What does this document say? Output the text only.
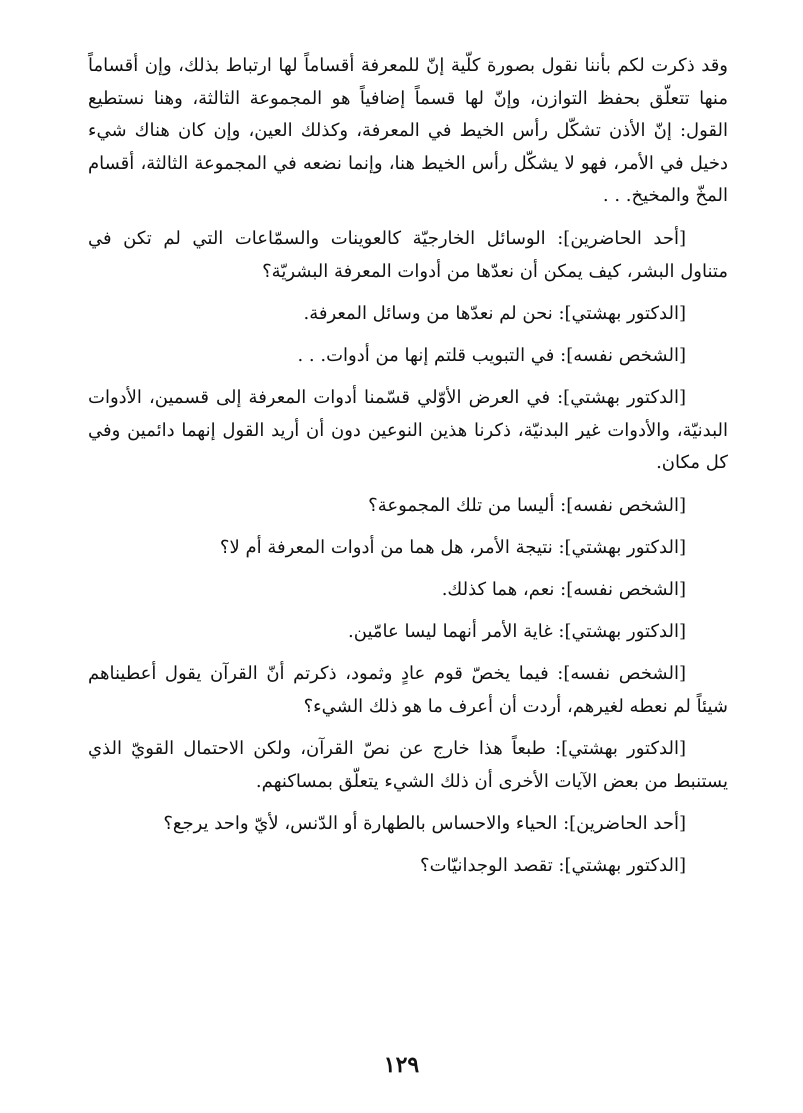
وقد ذكرت لكم بأننا نقول بصورة كلّية إنّ للمعرفة أقساماً لها ارتباط بذلك، وإن أقساماً منها تتعلّق بحفظ التوازن، وإنّ لها قسماً إضافياً هو المجموعة الثالثة، وهنا نستطيع القول: إنّ الأذن تشكّل رأس الخيط في المعرفة، وكذلك العين، وإن كان هناك شيء دخيل في الأمر، فهو لا يشكّل رأس الخيط هنا، وإنما نضعه في المجموعة الثالثة، أقسام المخّ والمخيخ. . .

[أحد الحاضرين]: الوسائل الخارجيّة كالعوينات والسمّاعات التي لم تكن في متناول البشر، كيف يمكن أن نعدّها من أدوات المعرفة البشريّة؟

[الدكتور بهشتي]: نحن لم نعدّها من وسائل المعرفة.

[الشخص نفسه]: في التبويب قلتم إنها من أدوات. . .

[الدكتور بهشتي]: في العرض الأوّلي قسّمنا أدوات المعرفة إلى قسمين، الأدوات البدنيّة، والأدوات غير البدنيّة، ذكرنا هذين النوعين دون أن أريد القول إنهما دائمين وفي كل مكان.

[الشخص نفسه]: أليسا من تلك المجموعة؟

[الدكتور بهشتي]: نتيجة الأمر، هل هما من أدوات المعرفة أم لا؟

[الشخص نفسه]: نعم، هما كذلك.

[الدكتور بهشتي]: غاية الأمر أنهما ليسا عامّين.

[الشخص نفسه]: فيما يخصّ قوم عادٍ وثمود، ذكرتم أنّ القرآن يقول أعطيناهم شيئاً لم نعطه لغيرهم، أردت أن أعرف ما هو ذلك الشيء؟

[الدكتور بهشتي]: طبعاً هذا خارج عن نصّ القرآن، ولكن الاحتمال القويّ الذي يستنبط من بعض الآيات الأخرى أن ذلك الشيء يتعلّق بمساكنهم.

[أحد الحاضرين]: الحياء والاحساس بالطهارة أو الدّنس، لأيّ واحد يرجع؟

[الدكتور بهشتي]: تقصد الوجدانيّات؟

١٢٩
